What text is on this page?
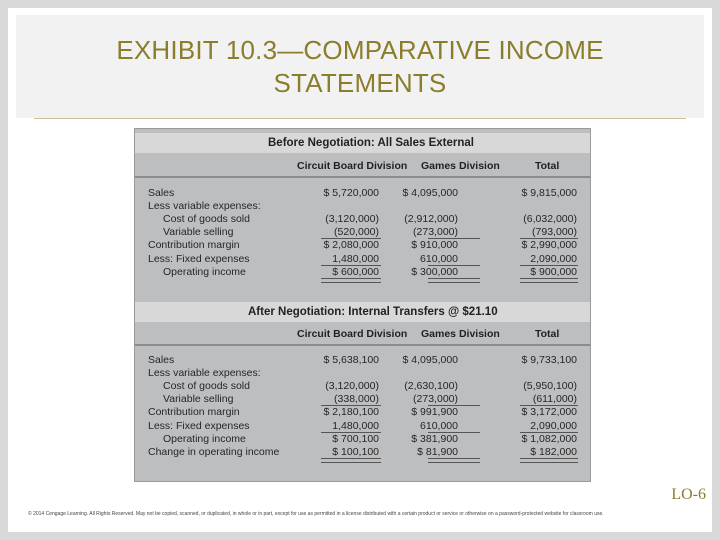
EXHIBIT 10.3—COMPARATIVE INCOME
STATEMENTS
Before Negotiation: All Sales External
Circuit Board Division Games Division	Total
Sales	$ 5,720,000 $ 4,095,000	$ 9,815,000
Less variable expenses:
Cost of goods sold	(3,120,000) (2,912,000)	(6,032,000)
Variable selling	(520,000)	(273,000)	(793,000)
Contribution margin	$ 2,080,000	$ 910,000	$ 2,990,000
Less: Fixed expenses	1,480,000	610,000	2,090,000
Operating income	$ 600,000	$ 300,000	$ 900,000
After Negotiation: Internal Transfers @ $21.10
Circuit Board Division Games Division	Total
Sales	$ 5,638,100 $ 4,095,000	$ 9,733,100
Less variable expenses:
Cost of goods sold	(3,120,000) (2,630,100)	(5,950,100)
Variable selling	(338,000)	(273,000)	(611,000)
Contribution margin	$ 2,180,100	$ 991,900	$ 3,172,000
Less: Fixed expenses	1,480,000	610,000	2,090,000
Operating income	$ 700,100	$ 381,900	$ 1,082,000
Change in operating income	$ 100,100	$ 81,900	$ 182,000
LO-6
© 2014 Cengage Learning. All Rights Reserved. May not be copied, scanned, or duplicated, in whole or in part, except for use as permitted in a license distributed with a certain product or service or otherwise on a password-protected website for classroom use.
